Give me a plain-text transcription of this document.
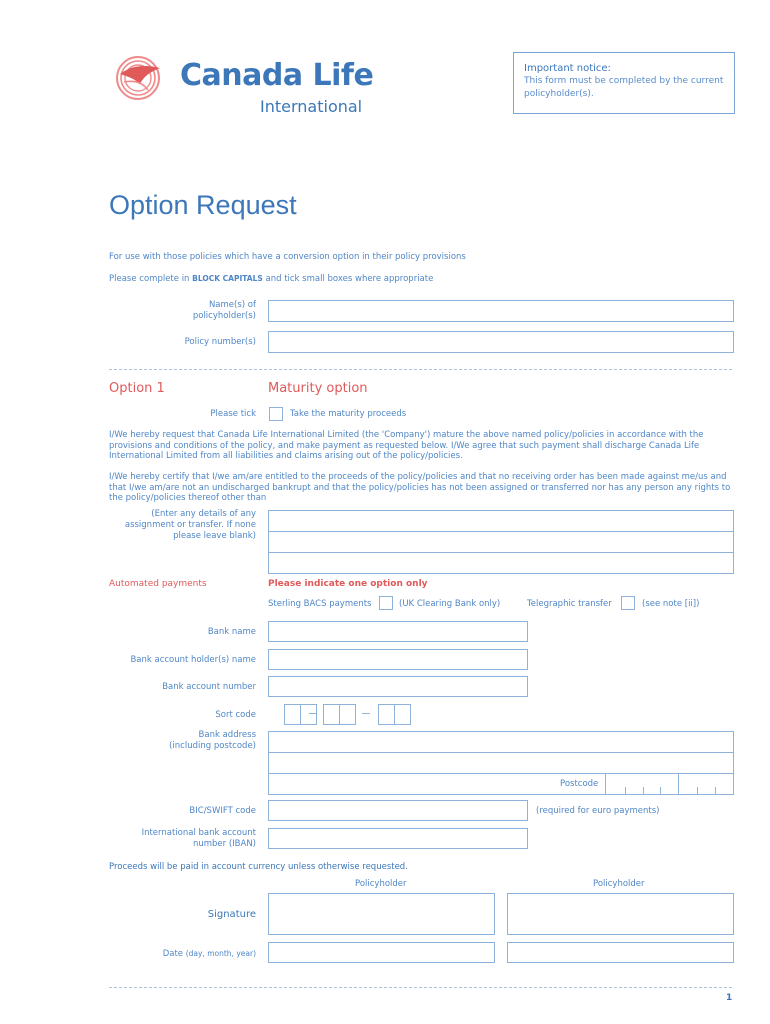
Canada Life
International
Important notice:
This form must be completed by the current policyholder(s).
Option Request
For use with those policies which have a conversion option in their policy provisions
Please complete in BLOCK CAPITALS and tick small boxes where appropriate
Name(s) of policyholder(s)
Policy number(s)
Option 1	Maturity option
Please tick	Take the maturity proceeds
I/We hereby request that Canada Life International Limited (the 'Company') mature the above named policy/policies in accordance with the provisions and conditions of the policy, and make payment as requested below. I/We agree that such payment shall discharge Canada Life International Limited from all liabilities and claims arising out of the policy/policies.
I/We hereby certify that I/we am/are entitled to the proceeds of the policy/policies and that no receiving order has been made against me/us and that I/we am/are not an undischarged bankrupt and that the policy/policies has not been assigned or transferred nor has any person any rights to the policy/policies thereof other than
(Enter any details of any assignment or transfer. If none please leave blank)
Automated payments	Please indicate one option only
Sterling BACS payments	(UK Clearing Bank only)	Telegraphic transfer	(see note [ii])
Bank name
Bank account holder(s) name
Bank account number
Sort code
Bank address (including postcode)
Postcode
BIC/SWIFT code	(required for euro payments)
International bank account number (IBAN)
Proceeds will be paid in account currency unless otherwise requested.
Policyholder	Policyholder
Signature
Date (day, month, year)
1
